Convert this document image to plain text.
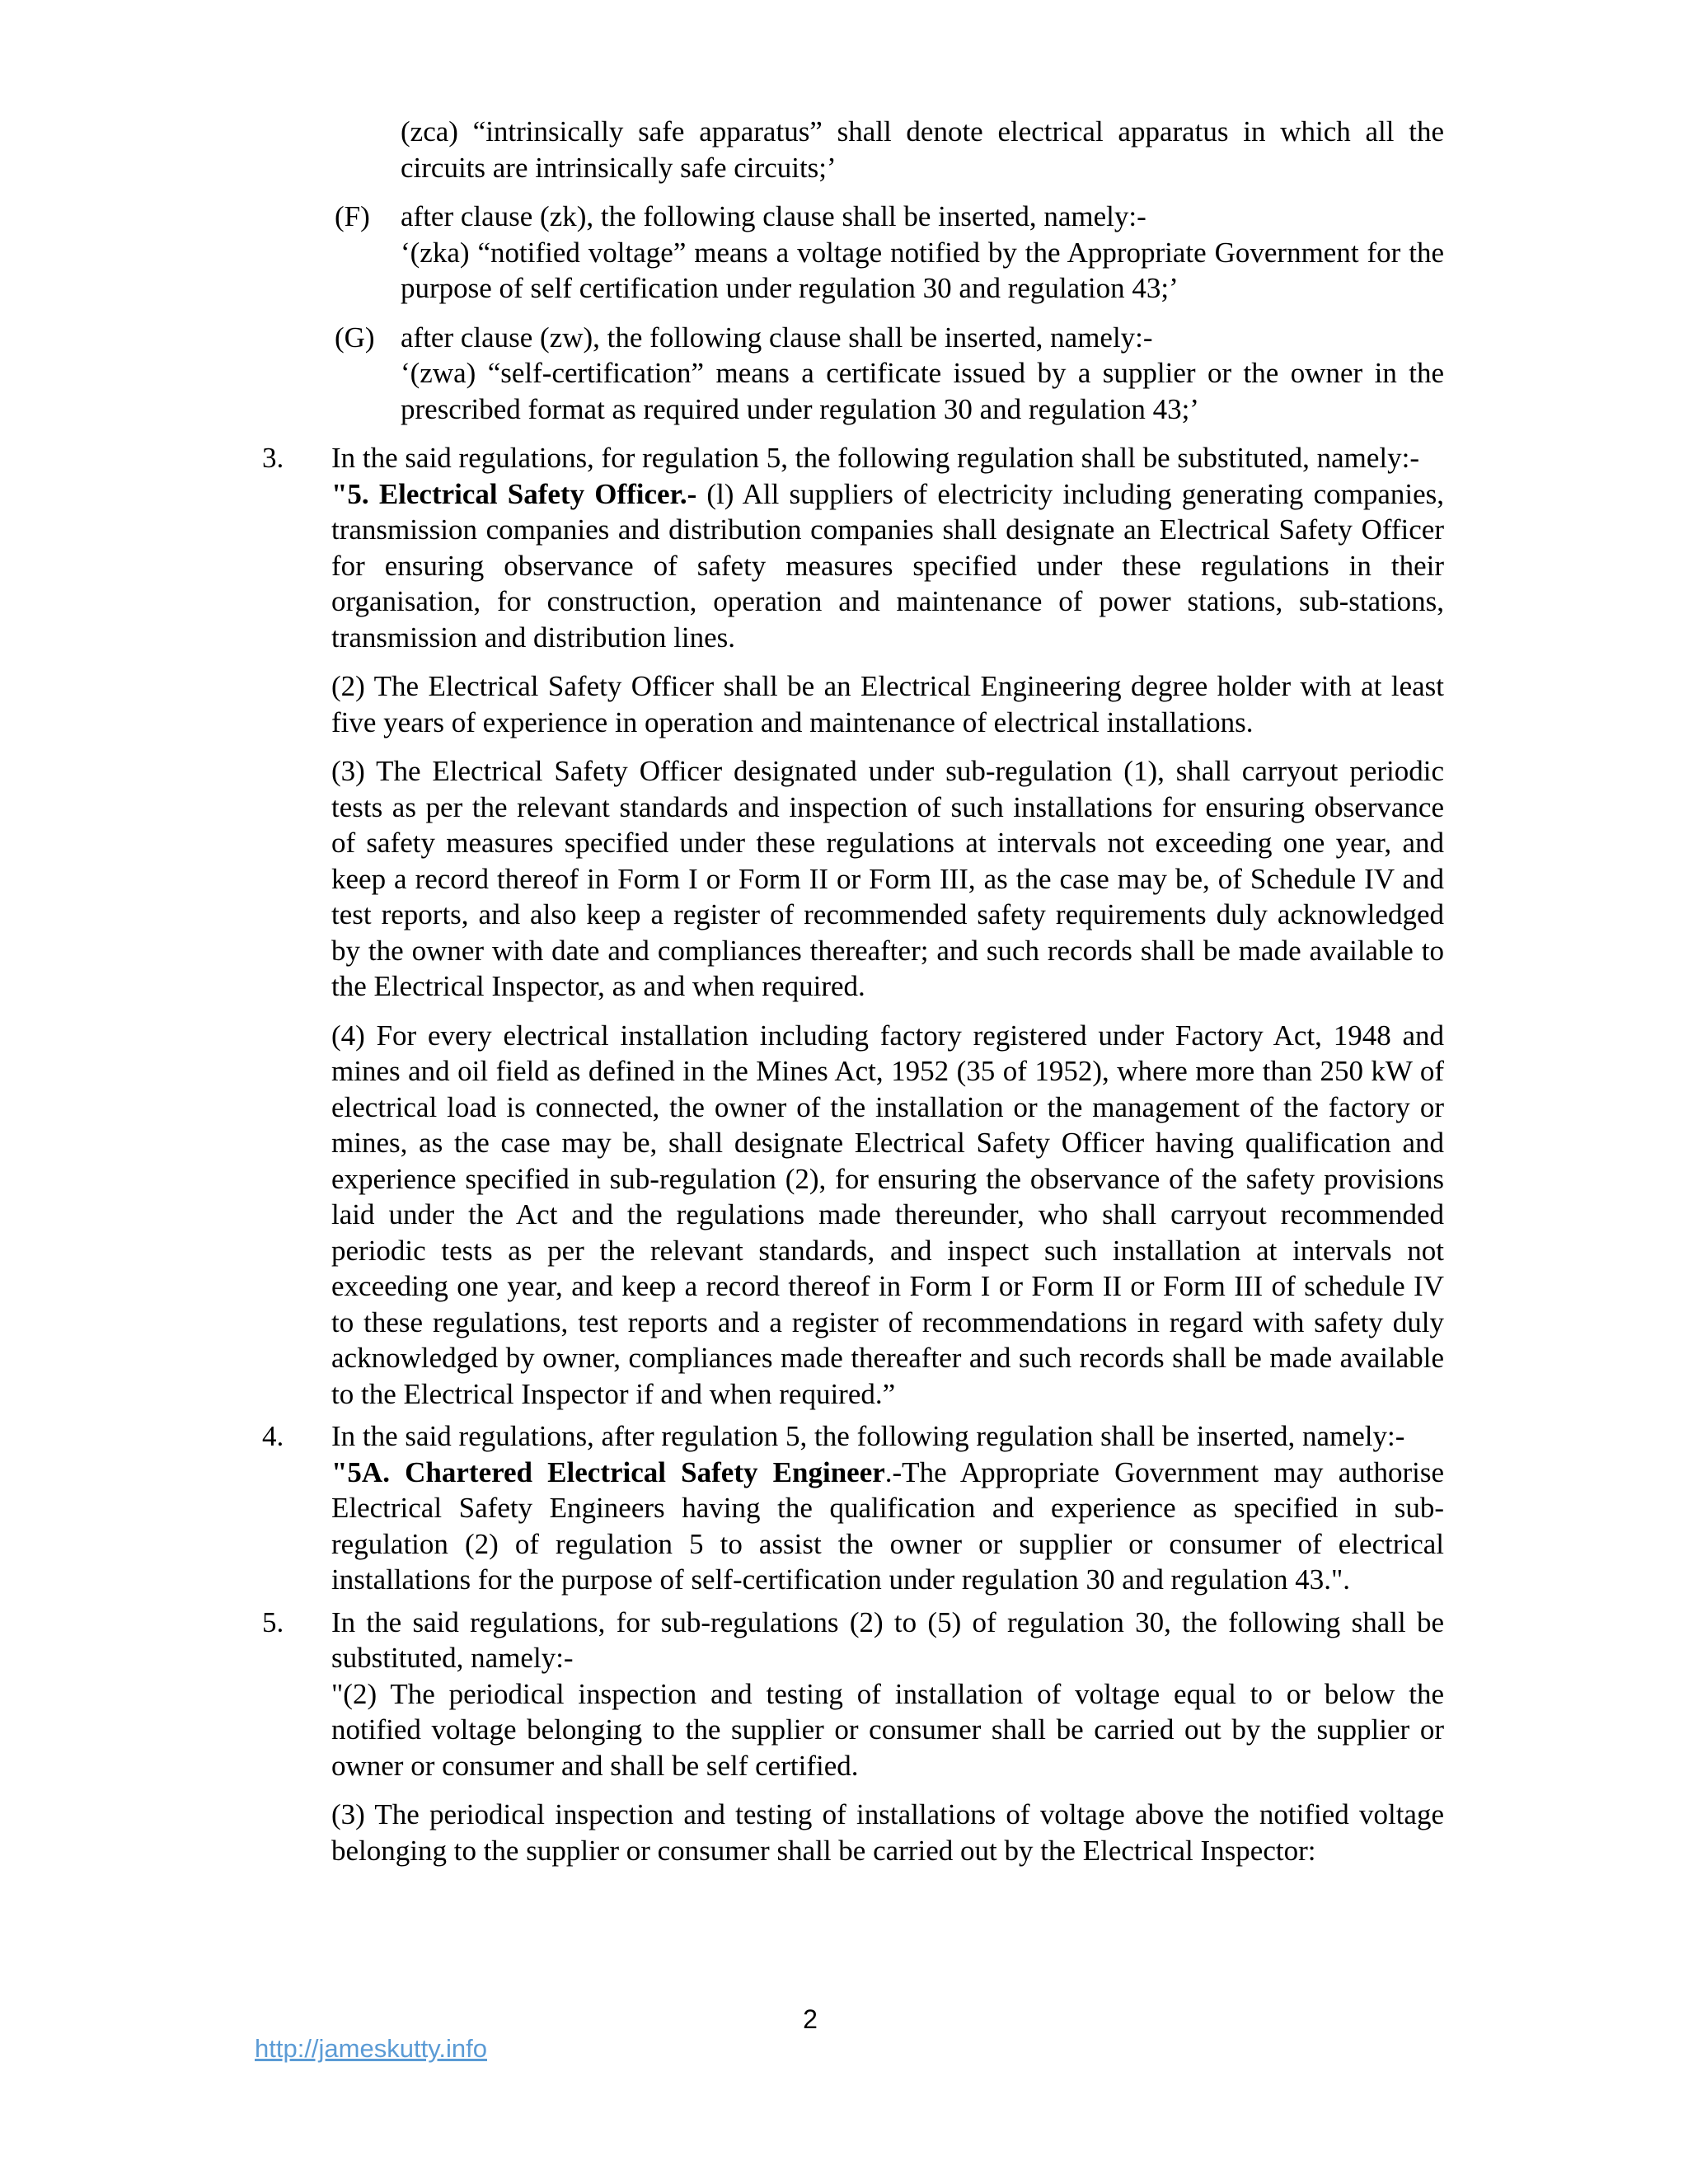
(zca) “intrinsically safe apparatus” shall denote electrical apparatus in which all the circuits are intrinsically safe circuits;’

(F) after clause (zk), the following clause shall be inserted, namely:-

‘(zka) “notified voltage” means a voltage notified by the Appropriate Government for the purpose of self certification under regulation 30 and regulation 43;’

(G) after clause (zw), the following clause shall be inserted, namely:-

‘(zwa) “self-certification” means a certificate issued by a supplier or the owner in the prescribed format as required under regulation 30 and regulation 43;’

3. In the said regulations, for regulation 5, the following regulation shall be substituted, namely:-

"5. Electrical Safety Officer.- (l) All suppliers of electricity including generating companies, transmission companies and distribution companies shall designate an Electrical Safety Officer for ensuring observance of safety measures specified under these regulations in their organisation, for construction, operation and maintenance of power stations, sub-stations, transmission and distribution lines.

(2) The Electrical Safety Officer shall be an Electrical Engineering degree holder with at least five years of experience in operation and maintenance of electrical installations.

(3) The Electrical Safety Officer designated under sub-regulation (1), shall carryout periodic tests as per the relevant standards and inspection of such installations for ensuring observance of safety measures specified under these regulations at intervals not exceeding one year, and keep a record thereof in Form I or Form II or Form III, as the case may be, of Schedule IV and test reports, and also keep a register of recommended safety requirements duly acknowledged by the owner with date and compliances thereafter; and such records shall be made available to the Electrical Inspector, as and when required.

(4) For every electrical installation including factory registered under Factory Act, 1948 and mines and oil field as defined in the Mines Act, 1952 (35 of 1952), where more than 250 kW of electrical load is connected, the owner of the installation or the management of the factory or mines, as the case may be, shall designate Electrical Safety Officer having qualification and experience specified in sub-regulation (2), for ensuring the observance of the safety provisions laid under the Act and the regulations made thereunder, who shall carryout recommended periodic tests as per the relevant standards, and inspect such installation at intervals not exceeding one year, and keep a record thereof in Form I or Form II or Form III of schedule IV to these regulations, test reports and a register of recommendations in regard with safety duly acknowledged by owner, compliances made thereafter and such records shall be made available to the Electrical Inspector if and when required.”

4. In the said regulations, after regulation 5, the following regulation shall be inserted, namely:-

"5A. Chartered Electrical Safety Engineer.-The Appropriate Government may authorise Electrical Safety Engineers having the qualification and experience as specified in sub-regulation (2) of regulation 5 to assist the owner or supplier or consumer of electrical installations for the purpose of self-certification under regulation 30 and regulation 43.".

5. In the said regulations, for sub-regulations (2) to (5) of regulation 30, the following shall be substituted, namely:-

"(2) The periodical inspection and testing of installation of voltage equal to or below the notified voltage belonging to the supplier or consumer shall be carried out by the supplier or owner or consumer and shall be self certified.

(3) The periodical inspection and testing of installations of voltage above the notified voltage belonging to the supplier or consumer shall be carried out by the Electrical Inspector:

2
http://jameskutty.info
